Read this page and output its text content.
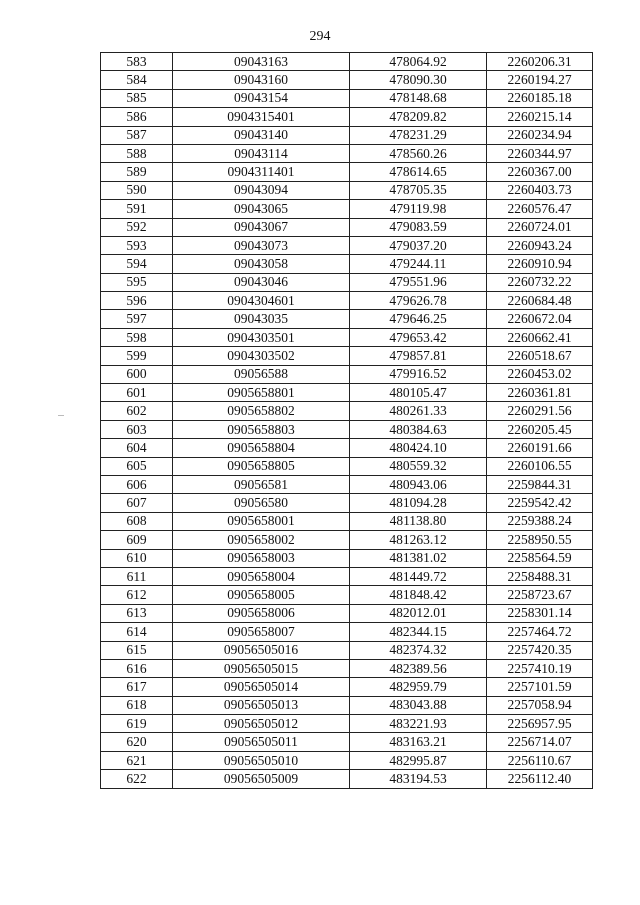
294
583	09043163	478064.92	2260206.31
584	09043160	478090.30	2260194.27
585	09043154	478148.68	2260185.18
586	0904315401	478209.82	2260215.14
587	09043140	478231.29	2260234.94
588	09043114	478560.26	2260344.97
589	0904311401	478614.65	2260367.00
590	09043094	478705.35	2260403.73
591	09043065	479119.98	2260576.47
592	09043067	479083.59	2260724.01
593	09043073	479037.20	2260943.24
594	09043058	479244.11	2260910.94
595	09043046	479551.96	2260732.22
596	0904304601	479626.78	2260684.48
597	09043035	479646.25	2260672.04
598	0904303501	479653.42	2260662.41
599	0904303502	479857.81	2260518.67
600	09056588	479916.52	2260453.02
601	0905658801	480105.47	2260361.81
602	0905658802	480261.33	2260291.56
603	0905658803	480384.63	2260205.45
604	0905658804	480424.10	2260191.66
605	0905658805	480559.32	2260106.55
606	09056581	480943.06	2259844.31
607	09056580	481094.28	2259542.42
608	0905658001	481138.80	2259388.24
609	0905658002	481263.12	2258950.55
610	0905658003	481381.02	2258564.59
611	0905658004	481449.72	2258488.31
612	0905658005	481848.42	2258723.67
613	0905658006	482012.01	2258301.14
614	0905658007	482344.15	2257464.72
615	09056505016	482374.32	2257420.35
616	09056505015	482389.56	2257410.19
617	09056505014	482959.79	2257101.59
618	09056505013	483043.88	2257058.94
619	09056505012	483221.93	2256957.95
620	09056505011	483163.21	2256714.07
621	09056505010	482995.87	2256110.67
622	09056505009	483194.53	2256112.40
